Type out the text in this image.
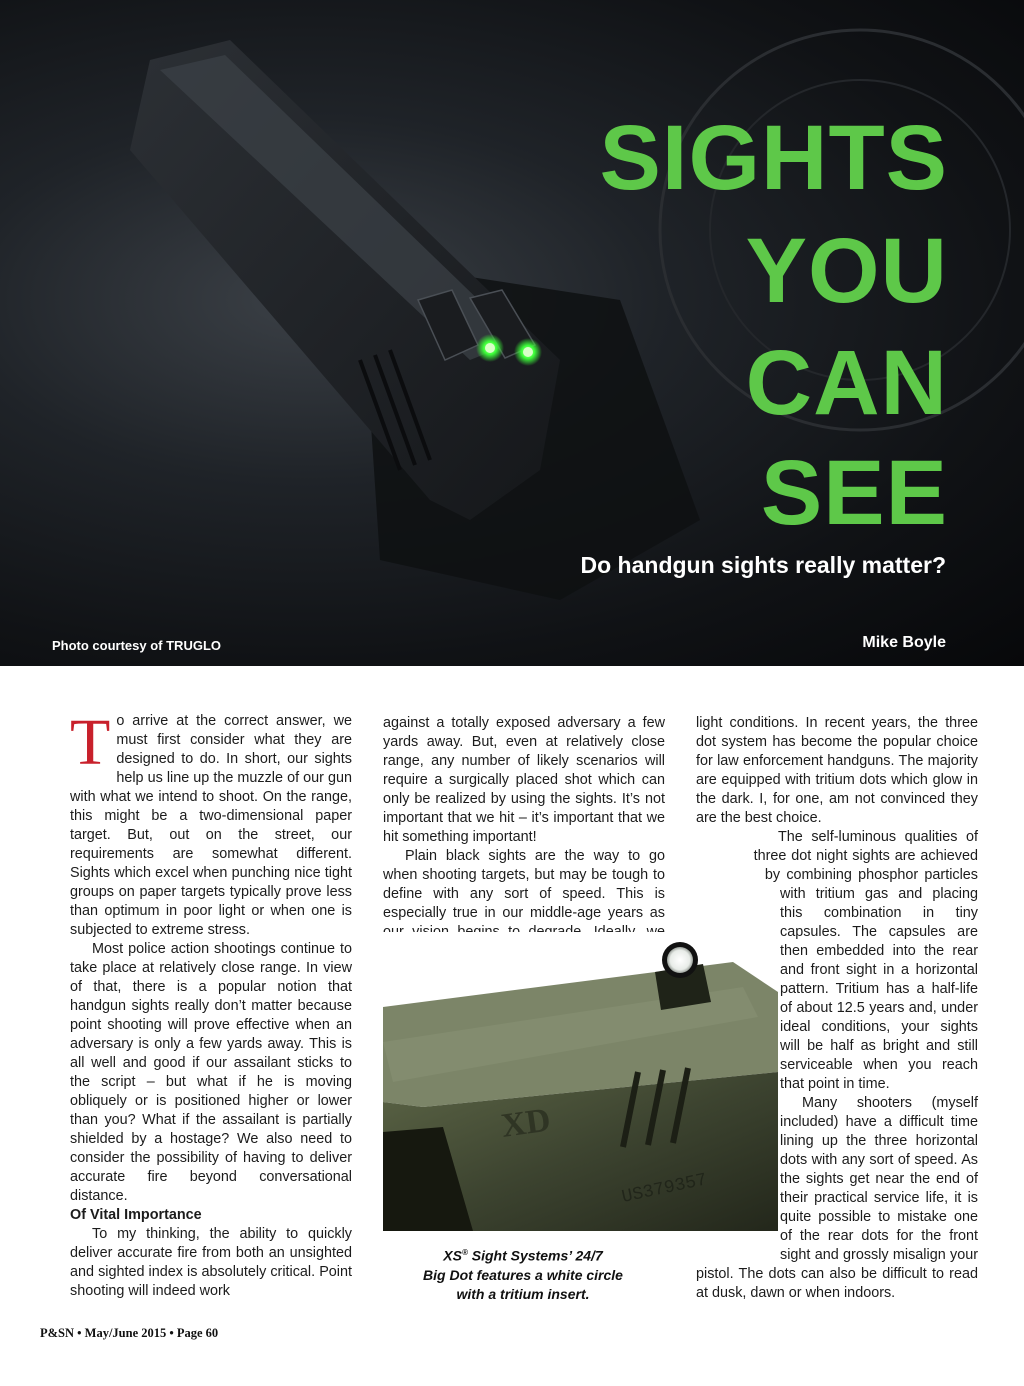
SIGHTS
YOU
CAN
SEE
Do handgun sights really matter?
Photo courtesy of TRUGLO	Mike Boyle
T o arrive at the correct answer, we must first consider what they are designed to do. In short, our sights help us line up the muzzle of our gun with what we intend to shoot. On the range, this might be a two-dimensional paper target. But, out on the street, our requirements are somewhat different. Sights which excel when punching nice tight groups on paper targets typically prove less than optimum in poor light or when one is subjected to extreme stress.

Most police action shootings continue to take place at relatively close range. In view of that, there is a popular notion that handgun sights really don’t matter because point shooting will prove effective when an adversary is only a few yards away. This is all well and good if our assailant sticks to the script – but what if he is moving obliquely or is positioned higher or lower than you? What if the assailant is partially shielded by a hostage? We also need to consider the possibility of having to deliver accurate fire beyond conversational distance.

Of Vital Importance

To my thinking, the ability to quickly deliver accurate fire from both an unsighted and sighted index is absolutely critical. Point shooting will indeed work

against a totally exposed adversary a few yards away. But, even at relatively close range, any number of likely scenarios will require a surgically placed shot which can only be realized by using the sights. It’s not important that we hit – it’s important that we hit something important!

Plain black sights are the way to go when shooting targets, but may be tough to define with any sort of speed. This is especially true in our middle-age years as

XD
US379357
XS® Sight Systems’ 24/7
Big Dot features a white circle
with a tritium insert.

light conditions. In recent years, the three dot system has become the popular choice for law enforcement handguns. The majority are equipped with tritium dots which glow in the dark. I, for one, am not convinced they are the best choice.

The self-luminous qualities of three dot night sights are achieved by combining phosphor particles with tritium gas and placing this combination in tiny capsules. The capsules are then embedded into the rear and front sight in a horizontal pattern. Tritium has a half-life of about 12.5 years and, under ideal conditions, your sights will be half as bright and still serviceable when you reach that point in time.

Many shooters (myself included) have a difficult time lining up the three horizontal dots with any sort of speed. As the sights get near the end of their practical service life, it is quite possible to mistake one of the rear dots for the front sight and grossly misalign your pistol. The dots can also be difficult to read at dusk, dawn or when indoors.

P&SN • May/June 2015 • Page 60
